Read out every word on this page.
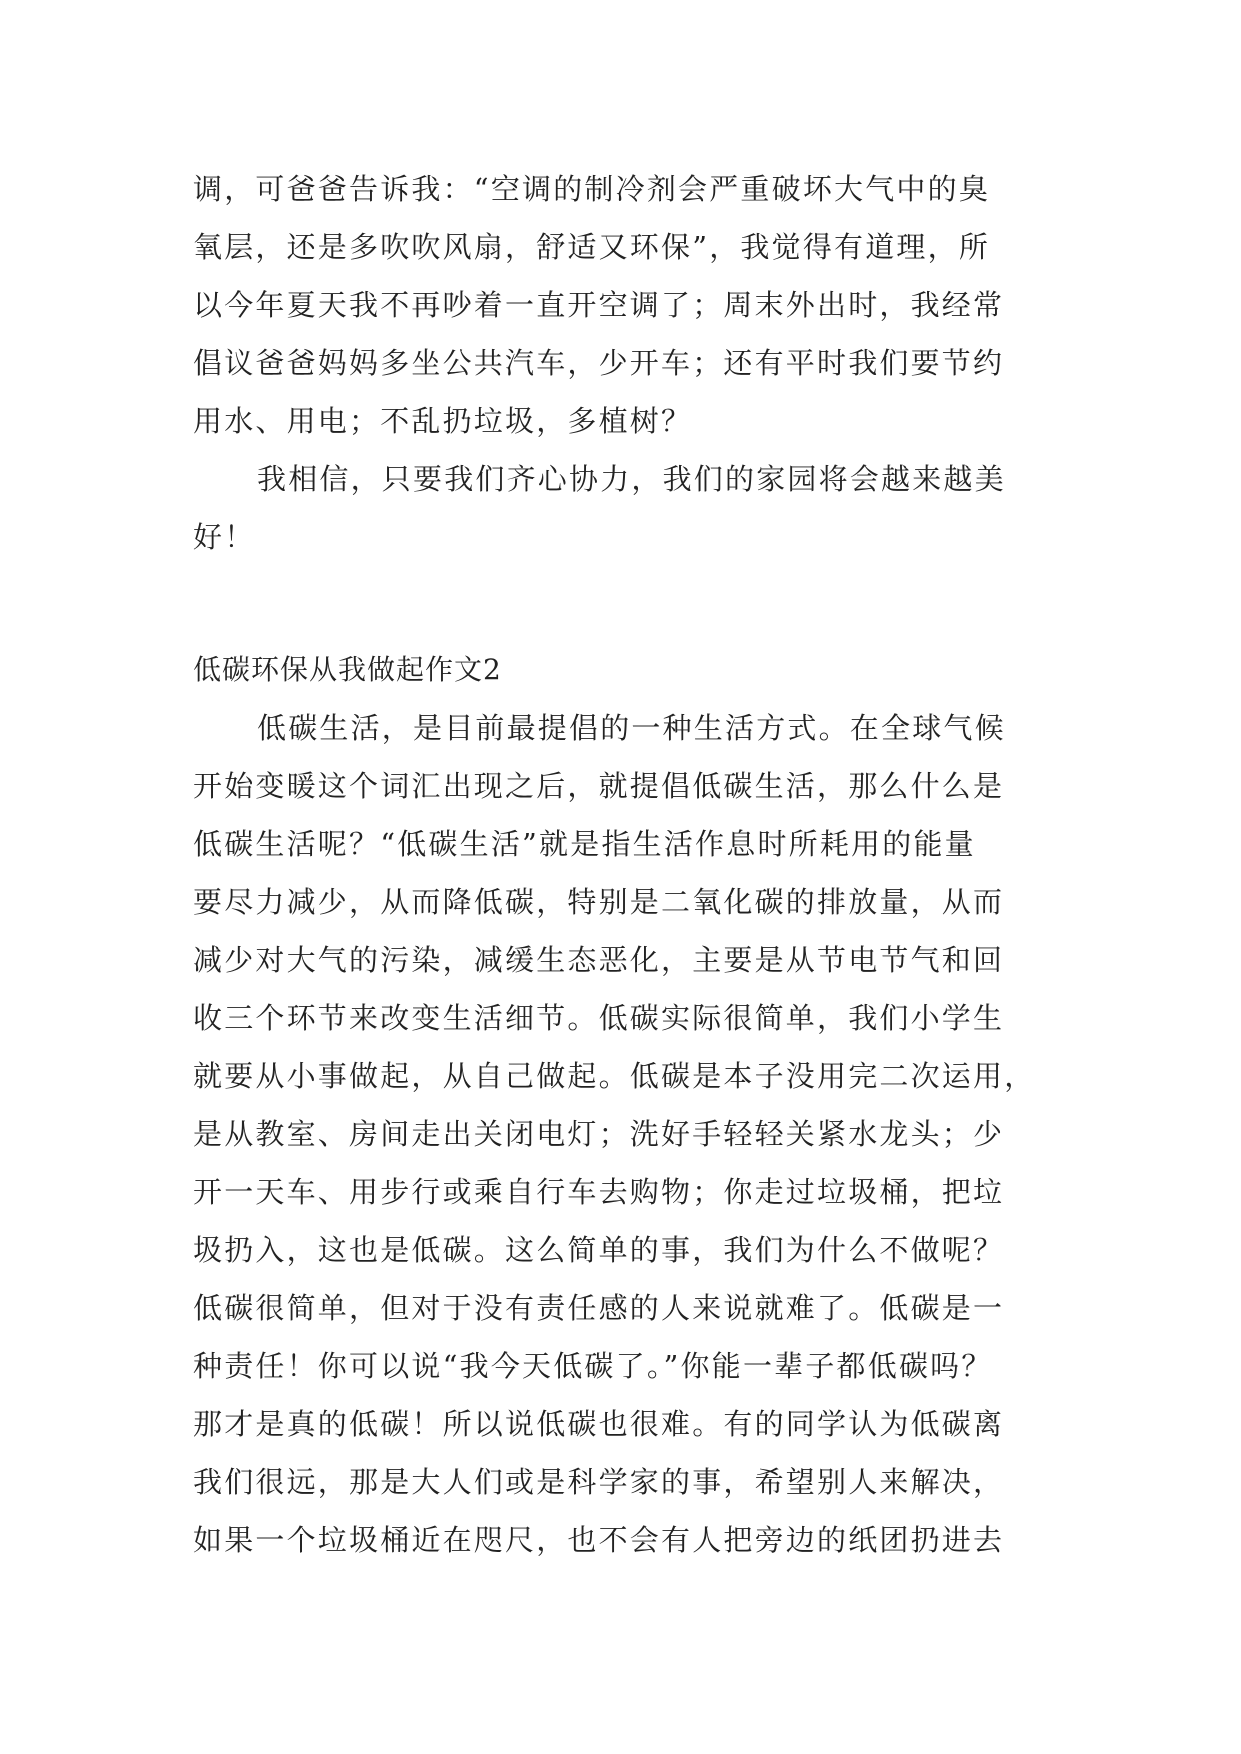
调，可爸爸告诉我：“空调的制冷剂会严重破坏大气中的臭
氧层，还是多吹吹风扇，舒适又环保”，我觉得有道理，所
以今年夏天我不再吵着一直开空调了；周末外出时，我经常
倡议爸爸妈妈多坐公共汽车，少开车；还有平时我们要节约
用水、用电；不乱扔垃圾，多植树？
我相信，只要我们齐心协力，我们的家园将会越来越美
好！
低碳环保从我做起作文2
低碳生活，是目前最提倡的一种生活方式。在全球气候
开始变暖这个词汇出现之后，就提倡低碳生活，那么什么是
低碳生活呢？“低碳生活”就是指生活作息时所耗用的能量
要尽力减少，从而降低碳，特别是二氧化碳的排放量，从而
减少对大气的污染，减缓生态恶化，主要是从节电节气和回
收三个环节来改变生活细节。低碳实际很简单，我们小学生
就要从小事做起，从自己做起。低碳是本子没用完二次运用，
是从教室、房间走出关闭电灯；洗好手轻轻关紧水龙头；少
开一天车、用步行或乘自行车去购物；你走过垃圾桶，把垃
圾扔入，这也是低碳。这么简单的事，我们为什么不做呢？
低碳很简单，但对于没有责任感的人来说就难了。低碳是一
种责任！你可以说“我今天低碳了。”你能一辈子都低碳吗？
那才是真的低碳！所以说低碳也很难。有的同学认为低碳离
我们很远，那是大人们或是科学家的事，希望别人来解决，
如果一个垃圾桶近在咫尺，也不会有人把旁边的纸团扔进去
